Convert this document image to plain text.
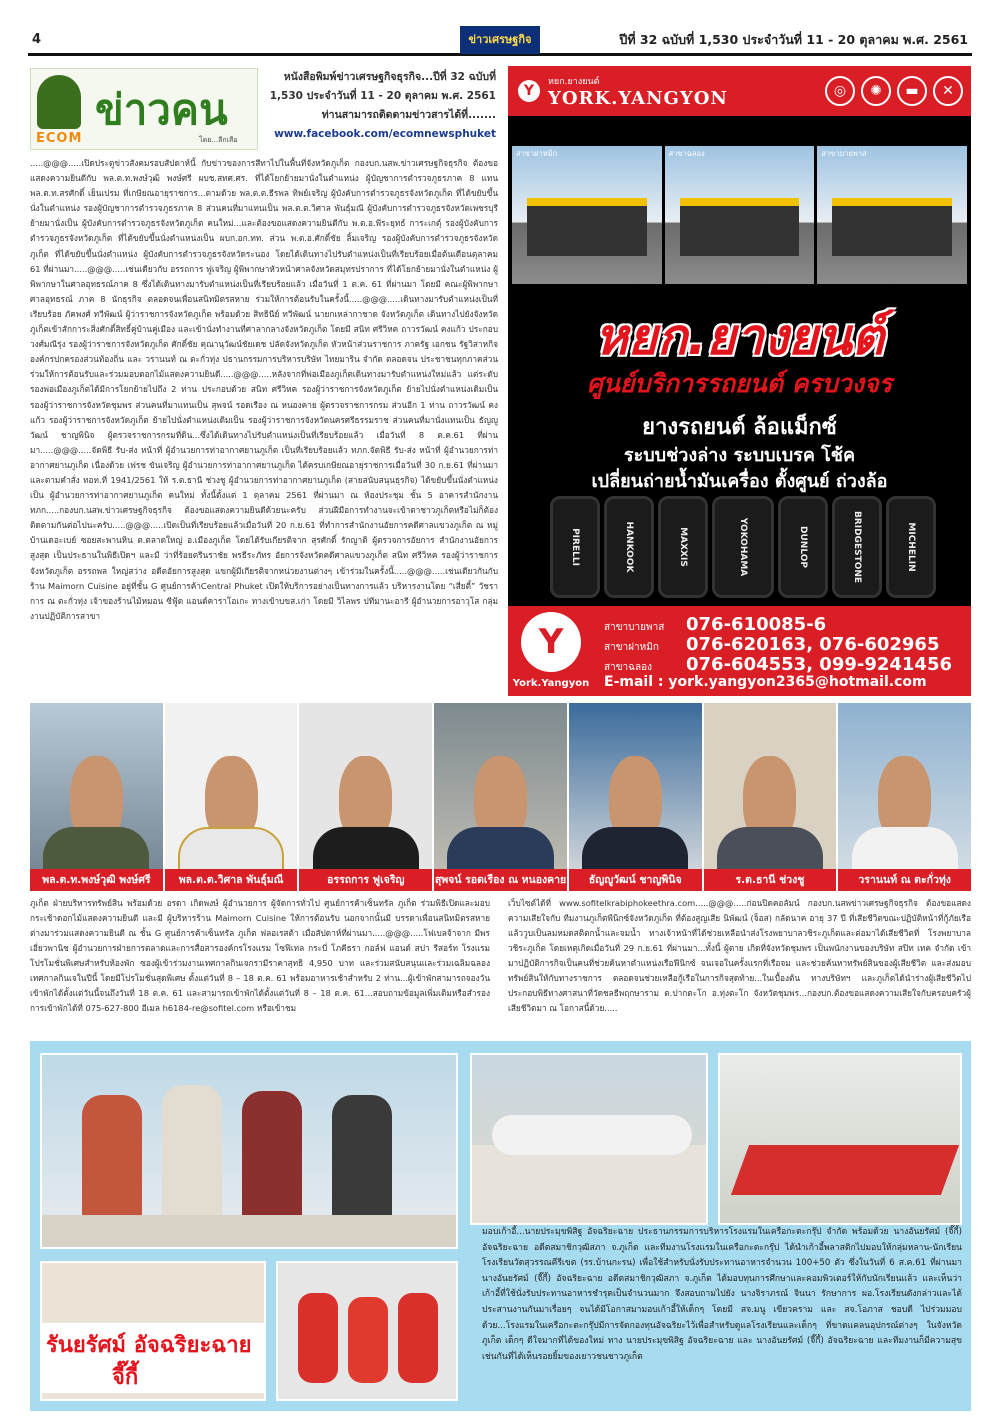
4	ข่าวเศรษฐกิจ	ปีที่ 32 ฉบับที่ 1,530 ประจำวันที่ 11 - 20 ตุลาคม พ.ศ. 2561
ECOM
ข่าวคน
โดย...ลีกเสือ
หนังสือพิมพ์ข่าวเศรษฐกิจธุรกิจ...ปีที่ 32 ฉบับที่ 1,530 ประจำวันที่ 11 - 20 ตุลาคม พ.ศ. 2561 ท่านสามารถติดตามข่าวสารได้ที่.......
www.facebook.com/ecomnewsphuket
.....@@@.....เปิดประตูข่าวสังคมรอบสัปดาห์นี้ กับข่าวของการสีทาไปในพื้นที่จังหวัดภูเก็ต กองบก.นสพ.ข่าวเศรษฐกิจธุรกิจ ต้องขอแสดงความยินดีกับ พล.ต.ท.พงษ์วุฒิ พงษ์ศรี ผบช.สทศ.ศร. ที่ได้โยกย้ายมานั่งในตำแหน่ง ผู้บัญชาการตำรวจภูธรภาค 8 แทน พล.ต.ท.สรศักดิ์ เย็นเปรม ที่เกษียณอายุราชการ...ตามด้วย พล.ต.ต.ธีรพล ทิพย์เจริญ ผู้บังคับการตำรวจภูธรจังหวัดภูเก็ต ที่ได้ขยับขึ้นนั่งในตำแหน่ง รองผู้บัญชาการตำรวจภูธรภาค 8 ส่วนคนที่มาแทนเป็น พล.ต.ต.วิศาล พันธุ์มณี ผู้บังคับการตำรวจภูธรจังหวัดเพชรบุรี ย้ายมานั่งเป็น ผู้บังคับการตำรวจภูธรจังหวัดภูเก็ต คนใหม่...และต้องขอแสดงความยินดีกับ พ.ต.อ.พีระยุทธ์ การะเกตุ์ รองผู้บังคับการตำรวจภูธรจังหวัดภูเก็ต ที่ได้ขยับขึ้นนั่งตำแหน่งเป็น ผบก.อก.ทท. ส่วน พ.ต.อ.ศักดิ์ชัย ลิ้มเจริญ รองผู้บังคับการตำรวจภูธรจังหวัดภูเก็ต ที่ได้ขยับขึ้นนั่งตำแหน่ง ผู้บังคับการตำรวจภูธรจังหวัดระนอง โดยได้เดินทางไปรับตำแหน่งเป็นที่เรียบร้อยเมื่อต้นเดือนตุลาคม 61 ที่ผ่านมา.....@@@.....เช่นเดียวกับ อรรถการ ฟูเจริญ ผู้พิพากษาหัวหน้าศาลจังหวัดสมุทรปราการ ที่ได้โยกย้ายมานั่งในตำแหน่ง ผู้พิพากษาในศาลอุทธรณ์ภาค 8 ซึ่งได้เดินทางมารับตำแหน่งเป็นที่เรียบร้อยแล้ว เมื่อวันที่ 1 ต.ค. 61 ที่ผ่านมา โดยมี คณะผู้พิพากษาศาลอุทธรณ์ ภาค 8 นักธุรกิจ ตลอดจนเพื่อนสนิทมิตรสหาย ร่วมให้การต้อนรับในครั้งนี้.....@@@.....เดินทางมารับตำแหน่งเป็นที่เรียบร้อย ภัคพงศ์ ทวีพัฒน์ ผู้ว่าราชการจังหวัดภูเก็ต พร้อมด้วย สิทธินีย์ ทวีพัฒน์ นายกเหล่ากาชาด จังหวัดภูเก็ต เดินทางไปยังจังหวัดภูเก็ตเข้าสักการะสิ่งศักดิ์สิทธิ์คู่บ้านคู่เมือง และเข้านั่งทำงานที่ศาลากลางจังหวัดภูเก็ต โดยมี สนิท ศรีวิหค ถาวรวัฒน์ คงแก้ว ประกอบ วงศ์มณีรุ่ง รองผู้ว่าราชการจังหวัดภูเก็ต ศักดิ์ชัย คุณานุวัฒน์ชัยเดช ปลัดจังหวัดภูเก็ต หัวหน้าส่วนราชการ ภาครัฐ เอกชน รัฐวิสาหกิจ องค์กรปกครองส่วนท้องถิ่น และ วรานนท์ ณ ตะกั่วทุ่ง ปธานกรรมการบริหารบริษัท ไทยมาริน จำกัด ตลอดจน ประชาชนทุกภาคส่วนร่วมให้การต้อนรับและร่วมมอบดอกไม้แสดงความยินดี.....@@@.....หลังจากที่พ่อเมืองภูเก็ตเดินทางมารับตำแหน่งใหม่แล้ว แต่ระดับรองพ่อเมืองภูเก็ตได้มีการโยกย้ายไปถึง 2 ท่าน ประกอบด้วย สนิท ศรีวิหค รองผู้ว่าราชการจังหวัดภูเก็ต ย้ายไปนั่งตำแหน่งเดิมเป็น รองผู้ว่าราชการจังหวัดชุมพร ส่วนคนที่มาแทนเป็น สุพจน์ รอดเรือง ณ หนองคาย ผู้ตรวจราชการกรม ส่วนอีก 1 ท่าน ถาวรวัฒน์ คงแก้ว รองผู้ว่าราชการจังหวัดภูเก็ต ย้ายไปนั่งตำแหน่งเดิมเป็น รองผู้ว่าราชการจังหวัดนครศรีธรรมราช ส่วนคนที่มานั่งแทนเป็น ธัญญูวัฒน์ ชาญพินิจ ผู้ตรวจราชการกรมที่ดิน...ซึ่งได้เดินทางไปรับตำแหน่งเป็นที่เรียบร้อยแล้ว เมื่อวันที่ 8 ต.ค.61 ที่ผ่านมา.....@@@.....จัดพิธี รับ-ส่ง หน้าที่ ผู้อำนวยการท่าอากาศยานภูเก็ต เป็นที่เรียบร้อยแล้ว ทภก.จัดพิธี รับ-ส่ง หน้าที่ ผู้อำนวยการท่าอากาศยานภูเก็ต เนื่องด้วย เฟรช ขันเจริญ ผู้อำนวยการท่าอากาศยานภูเก็ต ได้ครบเกษียณอายุราชการเมื่อวันที่ 30 ก.ย.61 ที่ผ่านมา และตามคำสั่ง ทอท.ที่ 1941/2561 ให้ ร.ต.ธานี ช่วงชู ผู้อำนวยการท่าอากาศยานภูเก็ต (สายสนับสนุนธุรกิจ) ได้ขยับขึ้นนั่งตำแหน่งเป็น ผู้อำนวยการท่าอากาศยานภูเก็ต คนใหม่ ทั้งนี้ตั้งแต่ 1 ตุลาคม 2561 ที่ผ่านมา ณ ห้องประชุม ชั้น 5 อาคารสำนักงาน ทภก.....กองบก.นสพ.ข่าวเศรษฐกิจธุรกิจ ต้องขอแสดงความยินดีด้วยนะครับ ส่วนฝีมือการทำงานจะเข้าตาชาวภูเก็ตหรือไม่ก็ต้องติดตามกันต่อไปนะครับ.....@@@.....เปิดเป็นที่เรียบร้อยแล้วเมื่อวันที่ 20 ก.ย.61 ที่ทำการสำนักงานอัยการคดีศาลแขวงภูเก็ต ณ หมู่บ้านเดอะเบย์ ซอยสะพานหิน ต.ตลาดใหญ่ อ.เมืองภูเก็ต โดยได้รับเกียรติจาก สุรศักดิ์ รักญาติ ผู้ตรวจการอัยการ สำนักงานอัยการสูงสุด เป็นประธานในพิธีเปิดฯ และมี ว่าที่ร้อยตรีนราชัย พรธีระภัทร อัยการจังหวัดคดีศาลแขวงภูเก็ต สนิท ศรีวิหค รองผู้ว่าราชการจังหวัดภูเก็ต อรรถพล ใหญ่สว่าง อดีตอัยการสูงสุด แขกผู้มีเกียรติจากหน่วยงานต่างๆ เข้าร่วมในครั้งนี้.....@@@.....เช่นเดียวกันกับ ร้าน Maimorn Cuisine อยู่ที่ชั้น G ศูนย์การค้าCentral Phuket เปิดให้บริการอย่างเป็นทางการแล้ว บริหารงานโดย “เสี่ยตี้” วัชราการ ณ ตะกั่วทุ่ง เจ้าของร้านไม้หมอน ซีฟู้ด แอนด์คาราโอเกะ ทางเข้าบขส.เก่า โดยมี วิไลพร ปทีมานะอารี ผู้อำนวยการอาวุโส กลุ่มงานปฏิบัติการสาขา
Y
หยก.ยางยนต์
YORK.YANGYON	◎	✺	▬	✕
สาขาฝาหมิก	สาขาฉลอง	สาขาบายพาส
หยก.ยางยนต์
ศูนย์บริการรถยนต์ ครบวงจร
ยางรถยนต์ ล้อแม็กซ์
ระบบช่วงล่าง ระบบเบรค โช้ค
เปลี่ยนถ่ายน้ำมันเครื่อง ตั้งศูนย์ ถ่วงล้อ
PIRELLI	HANKOOK	MAXXIS	YOKOHAMA	DUNLOP	BRIDGESTONE	MICHELIN
Y
York.Yangyon
สาขาบายพาส	076-610085-6
สาขาฝาหมิก	076-620163, 076-602965
สาขาฉลอง	076-604553, 099-9241456
E-mail : york.yangyon2365@hotmail.com
พล.ต.ท.พงษ์วุฒิ พงษ์ศรี	พล.ต.ต.วิศาล พันธุ์มณี	อรรถการ ฟูเจริญ	สุพจน์ รอดเรือง ณ หนองคาย	ธัญญูวัฒน์ ชาญพินิจ	ร.ต.ธานี ช่วงชู	วรานนท์ ณ ตะกั่วทุ่ง
ภูเก็ต ฝ่ายบริหารทรัพย์สิน พร้อมด้วย อรดา เกิดพงษ์ ผู้อำนวยการ ผู้จัดการทั่วไป ศูนย์การค้าเซ็นทรัล ภูเก็ต ร่วมพิธีเปิดและมอบกระเช้าดอกไม้แสดงความยินดี และมี ผู้บริหารร้าน Maimorn Cuisine ให้การต้อนรับ นอกจากนั้นมี บรรดาเพื่อนสนิทมิตรสหายต่างมาร่วมแสดงความยินดี ณ ชั้น G ศูนย์การค้าเซ็นทรัล ภูเก็ต ฟลอเรสต้า เมื่อสัปดาห์ที่ผ่านมา.....@@@.....โฟเบลจ้าจาก มีพร เอี่ยวพานิช ผู้อำนวยการฝ่ายการตลาดและการสื่อสารองค์กรโรงแรม โซฟิเทล กระบี่ โภคีธรา กอล์ฟ แอนด์ สปา รีสอร์ท โรงแรมโปรโมชั่นพิเศษสำหรับห้องพัก ซองผู้เข้าร่วมงานเทศกาลกินเจกรามีราคาสุทธิ 4,950 บาท และร่วมสนับสนุนและร่วมเฉลิมฉลองเทศกาลกินเจในปีนี้ โดยมีโปรโมชั่นสุดพิเศษ ตั้งแต่วันที่ 8 – 18 ต.ค. 61 พร้อมอาหารเช้าสำหรับ 2 ท่าน...ผู้เข้าพักสามารถจองวันเข้าพักได้ตั้งแต่วันนี้จนถึงวันที่ 18 ต.ค. 61 และสามารถเข้าพักได้ตั้งแต่วันที่ 8 – 18 ต.ค. 61...สอบถามข้อมูลเพิ่มเติมหรือสำรองการเข้าพักได้ที่ 075-627-800 อีเมล h6184-re@sofitel.com หรือเข้าชม
เว็บไซต์ได้ที่ www.sofitelkrabiphokeethra.com.....@@@.....ก่อนปิดคอลัมน์ กองบก.นสพข่าวเศรษฐกิจธุรกิจ ต้องขอแสดงความเสียใจกับ ทีมงานภูเก็ตพีนิกซ์จังหวัดภูเก็ต ที่ต้องสูญเสีย นิพัฒน์ (จ็อส) กลัดนาค อายุ 37 ปี ที่เสียชีวิตขณะปฏิบัติหน้าที่กู้ภัยเรือ แล้ววูบเป็นลมหมดสติตกน้ำและจมน้ำ ทางเจ้าหน้าที่ได้ช่วยเหลือนำส่งโรงพยาบาลวชิระภูเก็ตและต่อมาได้เสียชีวิตที่ โรงพยาบาลวชิระภูเก็ต โดยเหตุเกิดเมื่อวันที่ 29 ก.ย.61 ที่ผ่านมา...ทั้งนี้ ผู้ตาย เกิดที่จังหวัดชุมพร เป็นพนักงานของบริษัท สปิท เทค จำกัด เข้ามาปฏิบัติการกิจเป็นคนที่ช่วยค้นหาตำแหน่งเรือฟีนิกซ์ จนเจอในครั้งแรกที่เรือจม และช่วยค้นหาทรัพย์สินของผู้เสียชีวิต และส่งมอบทรัพย์สินให้กับทางราชการ ตลอดจนช่วยเหลือกู้เรือในการกิจสุดท้าย...ในเบื้องต้น ทางบริษัทฯ และภูเก็ตได้นำร่างผู้เสียชีวิตไปประกอบพิธีทางศาสนาที่วัดชลธีพฤกษาราม ต.ปากตะโก อ.ทุ่งตะโก จังหวัดชุมพร...กองบก.ต้องขอแสดงความเสียใจกับครอบครัวผู้เสียชีวิตมา ณ โอกาสนี้ด้วย.....
รันยรัศม์ อัจฉริยะฉาย
จี๊กี้
มอบเก้าอี้...นายประมุขพิสิฐ อัจฉริยะฉาย ประธานกรรมการบริหารโรงแรมในเครือกะตะกรุ๊ป จำกัด พร้อมด้วย นางอันยรัศม์ (จี๊กี้) อัจฉริยะฉาย อดีตสมาชิกวุฒิสภา จ.ภูเก็ต และทีมงานโรงแรมในเครือกะตะกรุ๊ป ได้นำเก้าอี้พลาสติกไปมอบให้กลุ่มหลาน-นักเรียนโรงเรียนวัดสุวรรณคีรีเขต (รร.บ้านกะรน) เพื่อใช้สำหรับนั่งรับประทานอาหารจำนวน 100+50 ตัว ซึ่งในวันที่ 6 ส.ค.61 ที่ผ่านมา นางอันยรัศม์ (จี๊กี้) อัจฉริยะฉาย อดีตสมาชิกวุฒิสภา จ.ภูเก็ต ได้มอบทุนการศึกษาและคอมพิวเตอร์ให้กับนักเรียนแล้ว และเห็นว่า เก้าอี้ที่ใช้นั่งรับประทานอาหารชำรุดเป็นจำนวนมาก จึงสอบถามไปยัง นางจิราภรณ์ จินนา รักษาการ ผอ.โรงเรียนดังกล่าวและได้ประสานงานกันมาเรื่อยๆ จนได้มีโอกาสมามอบเก้าอี้ให้เด็กๆ โดยมี สจ.มนู เขียวคราม และ สจ.โอภาส ชอบดี ไปร่วมมอบด้วย...โรงแรมในเครือกะตะกรุ๊ปมีการจัดกองทุนอัจฉริยะไว้เพื่อสำหรับดูแลโรงเรียนและเด็กๆ ที่ขาดแคลนอุปกรณ์ต่างๆ ในจังหวัดภูเก็ต เด็กๆ ดีใจมากที่ได้ของใหม่ ทาง นายประมุขพิสิฐ อัจฉริยะฉาย และ นางอันยรัศม์ (จี๊กี้) อัจฉริยะฉาย และทีมงานก็มีความสุขเช่นกันที่ได้เห็นรอยยิ้มของเยาวชนชาวภูเก็ต
